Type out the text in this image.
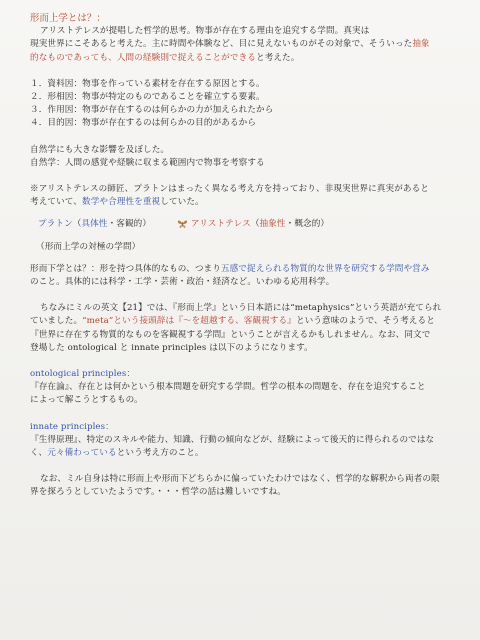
形而上学とは？：

アリストテレスが提唱した哲学的思考。物事が存在する理由を追究する学問。真実は

現実世界にこそあると考えた。主に時間や体験など、目に見えないものがその対象で、そういった抽象

的なものであっても、人間の経験則で捉えることができると考えた。

１．資料因：物事を作っている素材を存在する原因とする。

２．形相因：物事が特定のものであることを確立する要素。

３．作用因：物事が存在するのは何らかの力が加えられたから

４．目的因：物事が存在するのは何らかの目的があるから

自然学にも大きな影響を及ぼした。

自然学：人間の感覚や経験に収まる範囲内で物事を考察する

※アリストテレスの師匠、プラトンはまったく異なる考え方を持っており、非現実世界に真実があると

考えていて、数学や合理性を重視していた。

プラトン（具体性・客観的）	アリストテレス（抽象性・概念的）

（形而上学の対極の学問）

形而下学とは？：形を持つ具体的なもの、つまり五感で捉えられる物質的な世界を研究する学問や営み

のこと。具体的には科学・工学・芸術・政治・経済など。いわゆる応用科学。

ちなみにミルの英文【21】では、『形而上学』という日本語には“metaphysics”という英語が充てられ

ていました。“meta”という接頭辞は『〜を超越する、客観視する』という意味のようで、そう考えると

『世界に存在する物質的なものを客観視する学問』ということが言えるかもしれません。なお、同文で

登場した ontological と innate principles は以下のようになります。

ontological principles：

『存在論』、存在とは何かという根本問題を研究する学問。哲学の根本の問題を、存在を追究すること

によって解こうとするもの。

innate principles：

『生得原理』、特定のスキルや能力、知識、行動の傾向などが、経験によって後天的に得られるのではな

く、元々備わっているという考え方のこと。

なお、ミル自身は特に形而上や形而下どちらかに偏っていたわけではなく、哲学的な解釈から両者の限

界を探ろうとしていたようです。・・・哲学の話は難しいですね。
